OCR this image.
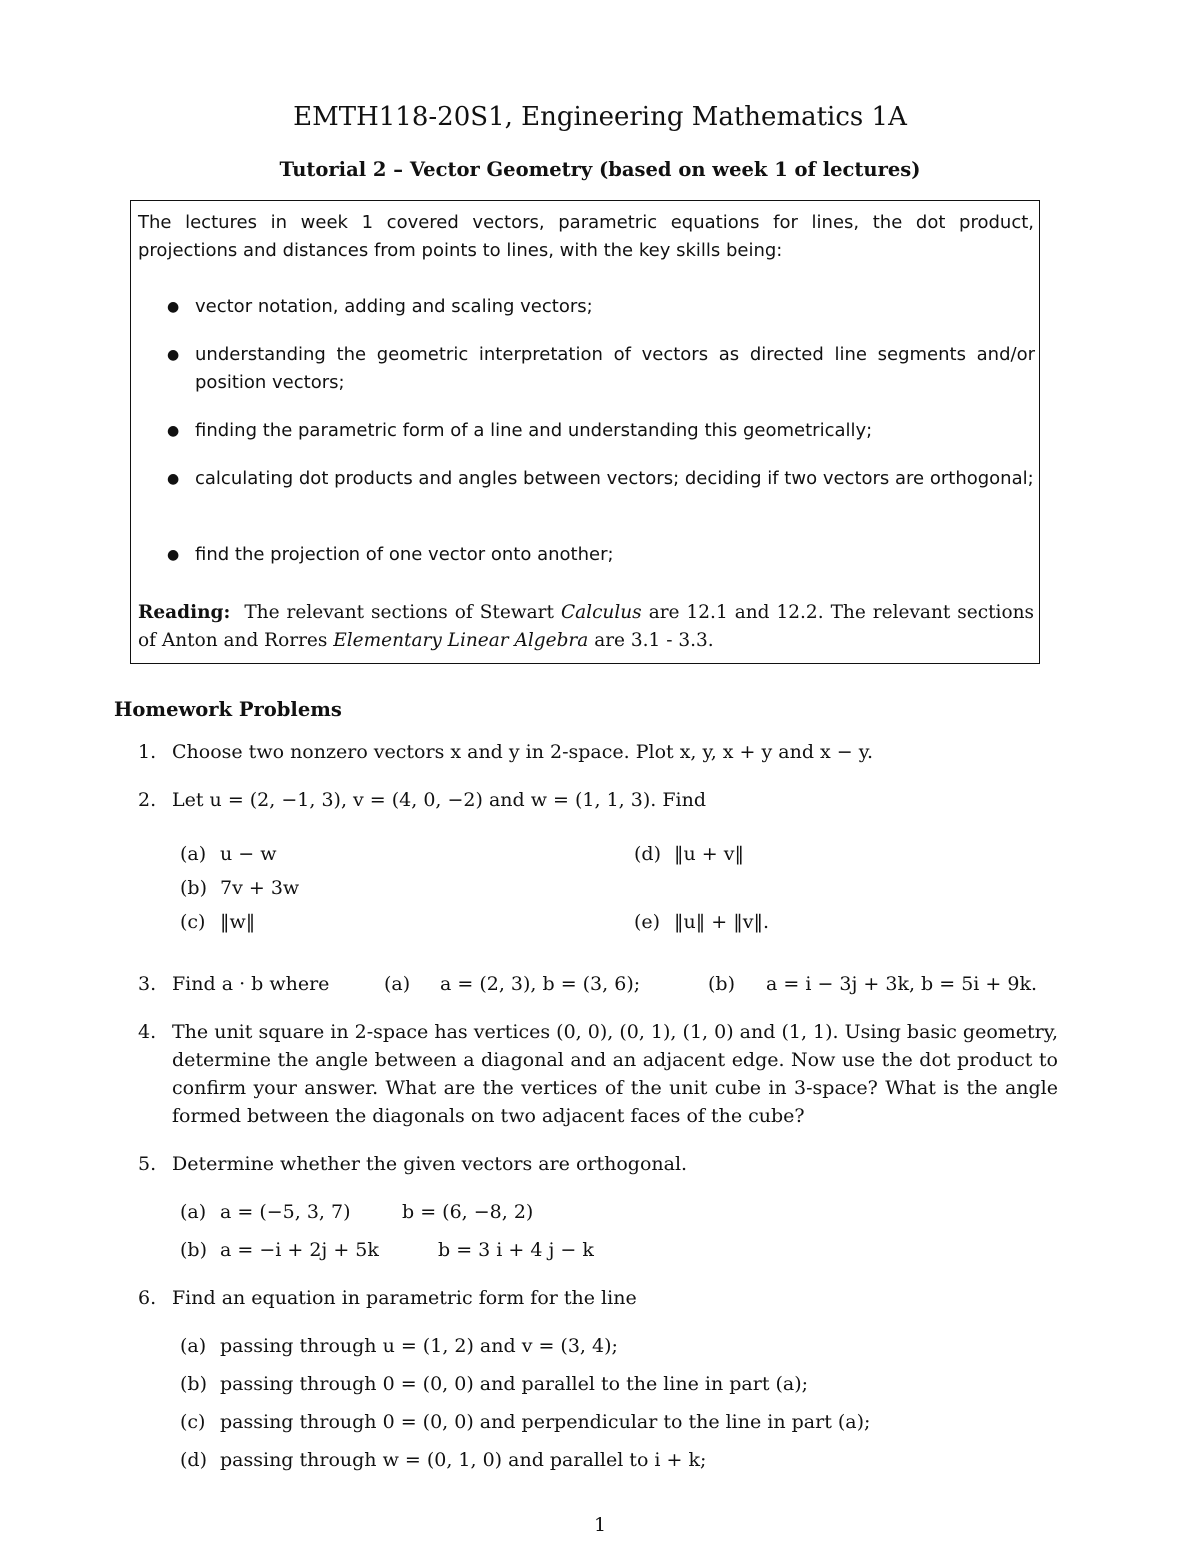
EMTH118-20S1, Engineering Mathematics 1A
Tutorial 2 – Vector Geometry (based on week 1 of lectures)

The lectures in week 1 covered vectors, parametric equations for lines, the dot product, projections and distances from points to lines, with the key skills being:

● vector notation, adding and scaling vectors;
● understanding the geometric interpretation of vectors as directed line segments and/or position vectors;
● finding the parametric form of a line and understanding this geometrically;
● calculating dot products and angles between vectors; deciding if two vectors are orthogonal;
● find the projection of one vector onto another;

Reading: The relevant sections of Stewart Calculus are 12.1 and 12.2. The relevant sections of Anton and Rorres Elementary Linear Algebra are 3.1 - 3.3.

Homework Problems
1. Choose two nonzero vectors x and y in 2-space. Plot x, y, x + y and x − y.
2. Let u = (2, −1, 3), v = (4, 0, −2) and w = (1, 1, 3). Find
(a) u − w
(b) 7v + 3w
(c) ‖w‖
(d) ‖u + v‖
(e) ‖u‖ + ‖v‖.
3. Find a · b where	(a) a = (2, 3), b = (3, 6);	(b) a = i − 3j + 3k, b = 5i + 9k.
4. The unit square in 2-space has vertices (0, 0), (0, 1), (1, 0) and (1, 1). Using basic geometry, determine the angle between a diagonal and an adjacent edge. Now use the dot product to confirm your answer. What are the vertices of the unit cube in 3-space? What is the angle formed between the diagonals on two adjacent faces of the cube?
5. Determine whether the given vectors are orthogonal.
(a) a = (−5, 3, 7)	b = (6, −8, 2)
(b) a = −i + 2j + 5k	b = 3 i + 4 j − k
6. Find an equation in parametric form for the line
(a) passing through u = (1, 2) and v = (3, 4);
(b) passing through 0 = (0, 0) and parallel to the line in part (a);
(c) passing through 0 = (0, 0) and perpendicular to the line in part (a);
(d) passing through w = (0, 1, 0) and parallel to i + k;
1
